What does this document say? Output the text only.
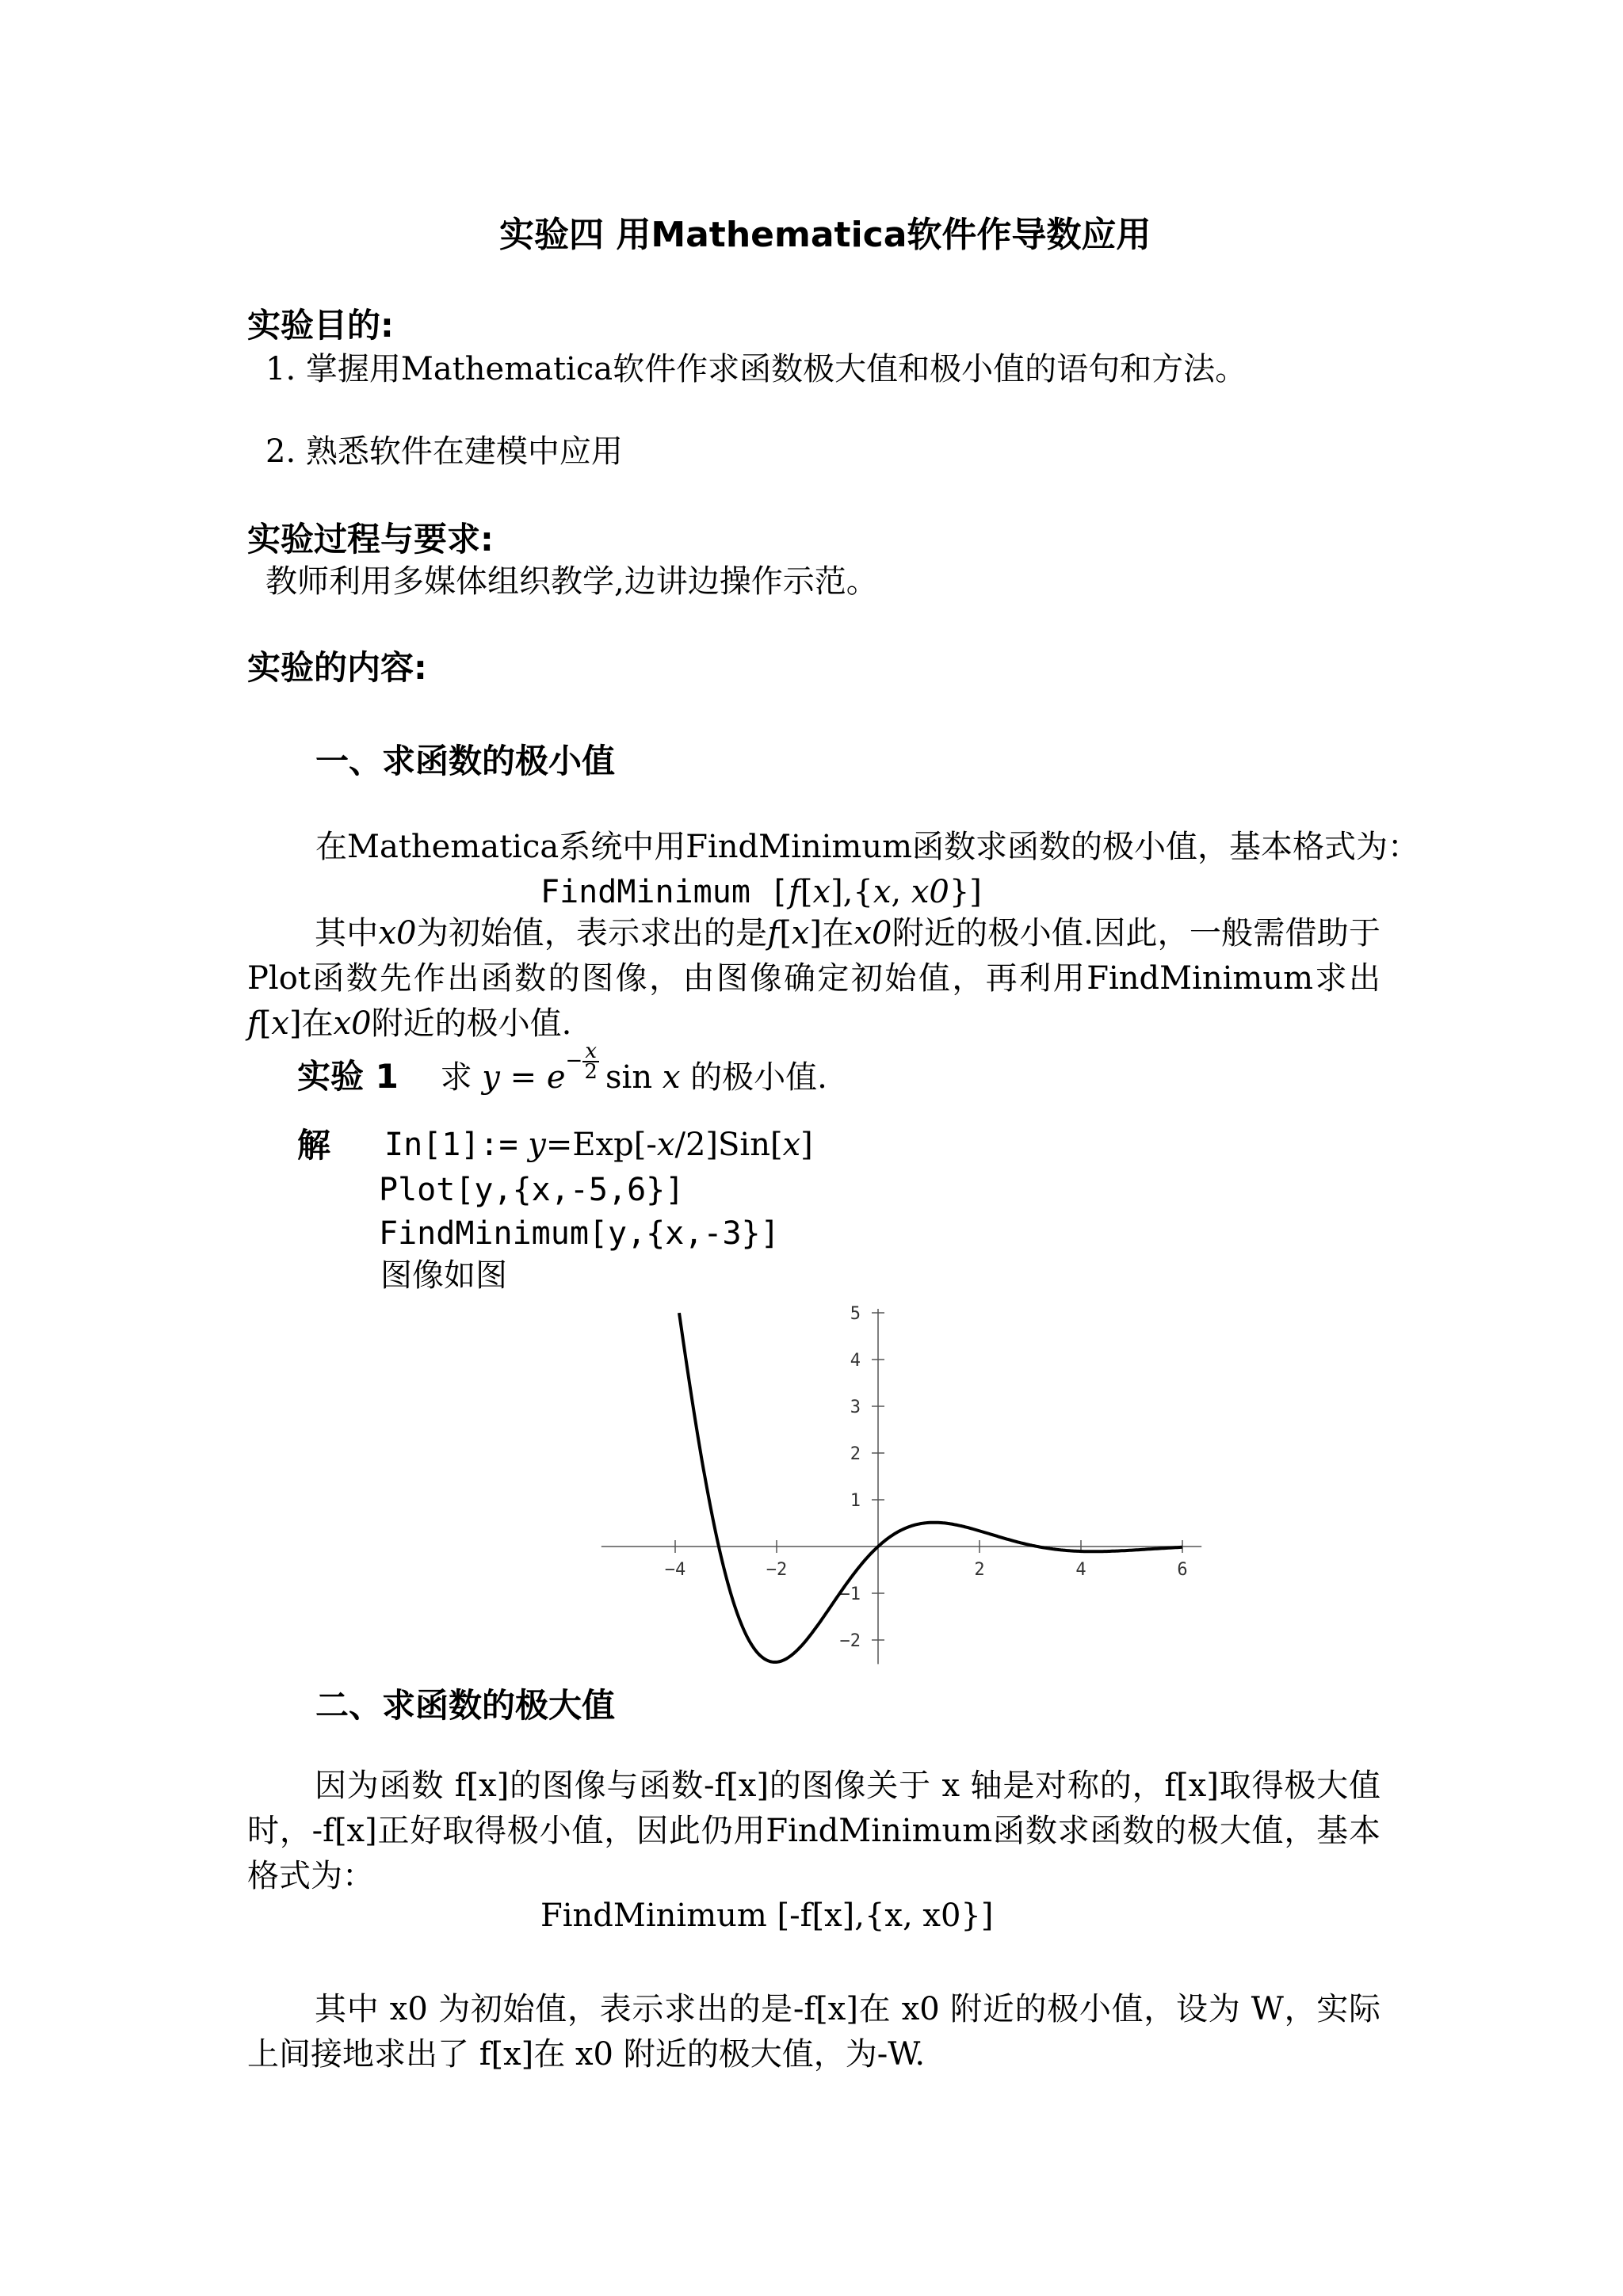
实验四 用Mathematica软件作导数应用
实验目的:
1. 掌握用Mathematica软件作求函数极大值和极小值的语句和方法。
2. 熟悉软件在建模中应用
实验过程与要求:
教师利用多媒体组织教学,边讲边操作示范。
实验的内容:
一、求函数的极小值
在Mathematica系统中用FindMinimum函数求函数的极小值，基本格式为：
FindMinimum [f[x],{x, x0}]
其中x0为初始值，表示求出的是f[x]在x0附近的极小值.因此，一般需借助于Plot函数先作出函数的图像，由图像确定初始值，再利用FindMinimum求出f[x]在x0附近的极小值.
实验 1 求 $y = e- \frac{x}{2}$ sin x 的极小值.
解 In[1]:= y=Exp[-x/2]Sin[x]
Plot[y,{x,-5,6}]
FindMinimum[y,{x,-3}]
图像如图
−4	−2	2	4	6
−2
−1
1
2
3
4
5
二、求函数的极大值
因为函数 f[x]的图像与函数-f[x]的图像关于 x 轴是对称的，f[x]取得极大值时，-f[x]正好取得极小值，因此仍用FindMinimum函数求函数的极大值，基本格式为：
FindMinimum [-f[x],{x, x0}]
其中 x0 为初始值，表示求出的是-f[x]在 x0 附近的极小值，设为 W，实际上间接地求出了 f[x]在 x0 附近的极大值，为-W.
